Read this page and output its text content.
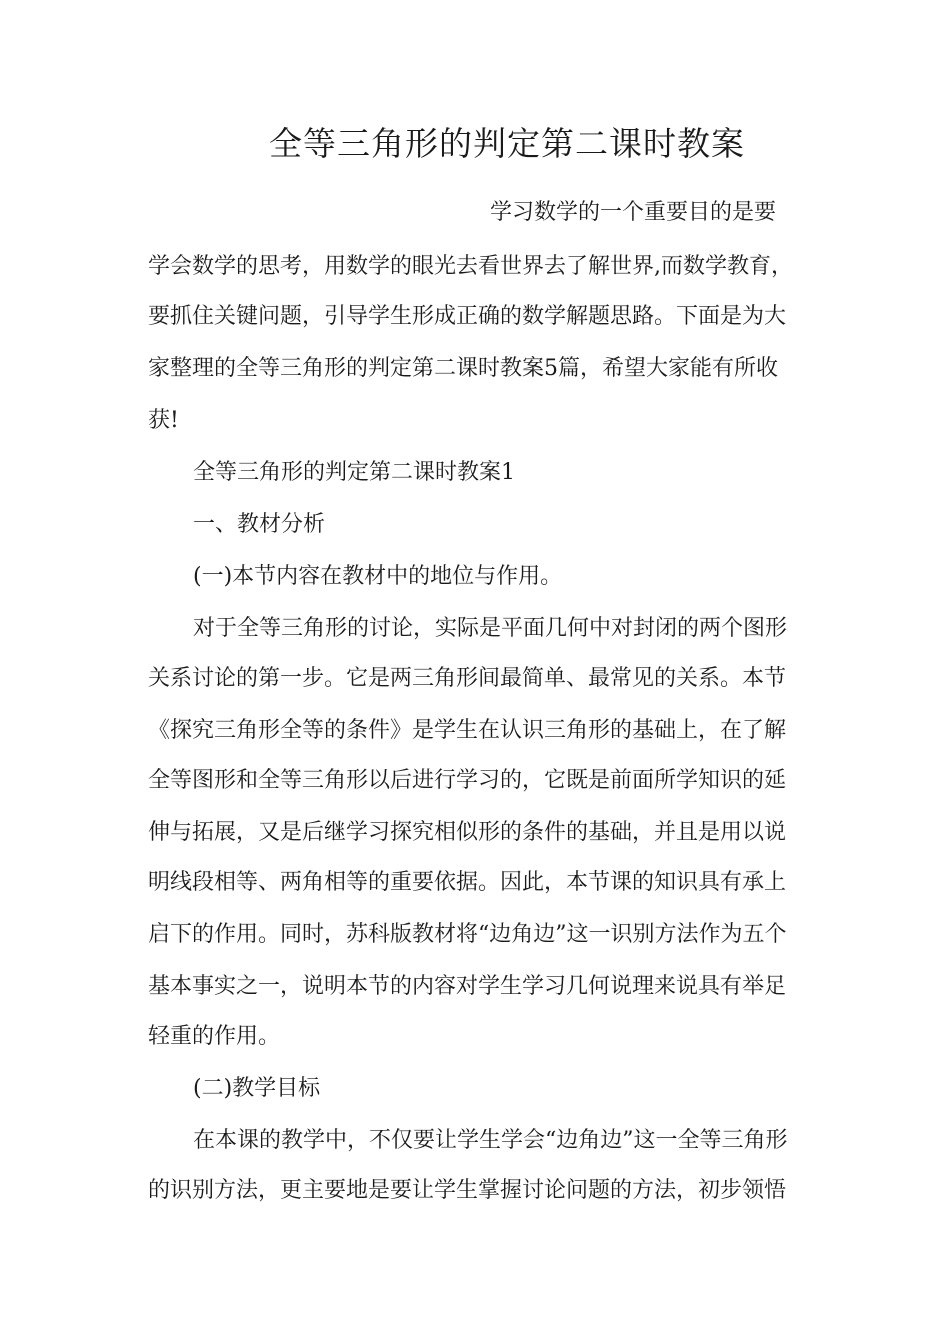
全等三角形的判定第二课时教案
学习数学的一个重要目的是要
学会数学的思考，用数学的眼光去看世界去了解世界,而数学教育，
要抓住关键问题，引导学生形成正确的数学解题思路。下面是为大
家整理的全等三角形的判定第二课时教案5篇，希望大家能有所收
获!
全等三角形的判定第二课时教案1
一、教材分析
(一)本节内容在教材中的地位与作用。
对于全等三角形的讨论，实际是平面几何中对封闭的两个图形
关系讨论的第一步。它是两三角形间最简单、最常见的关系。本节
《探究三角形全等的条件》是学生在认识三角形的基础上，在了解
全等图形和全等三角形以后进行学习的，它既是前面所学知识的延
伸与拓展，又是后继学习探究相似形的条件的基础，并且是用以说
明线段相等、两角相等的重要依据。因此，本节课的知识具有承上
启下的作用。同时，苏科版教材将“边角边”这一识别方法作为五个
基本事实之一，说明本节的内容对学生学习几何说理来说具有举足
轻重的作用。
(二)教学目标
在本课的教学中，不仅要让学生学会“边角边”这一全等三角形
的识别方法，更主要地是要让学生掌握讨论问题的方法，初步领悟
